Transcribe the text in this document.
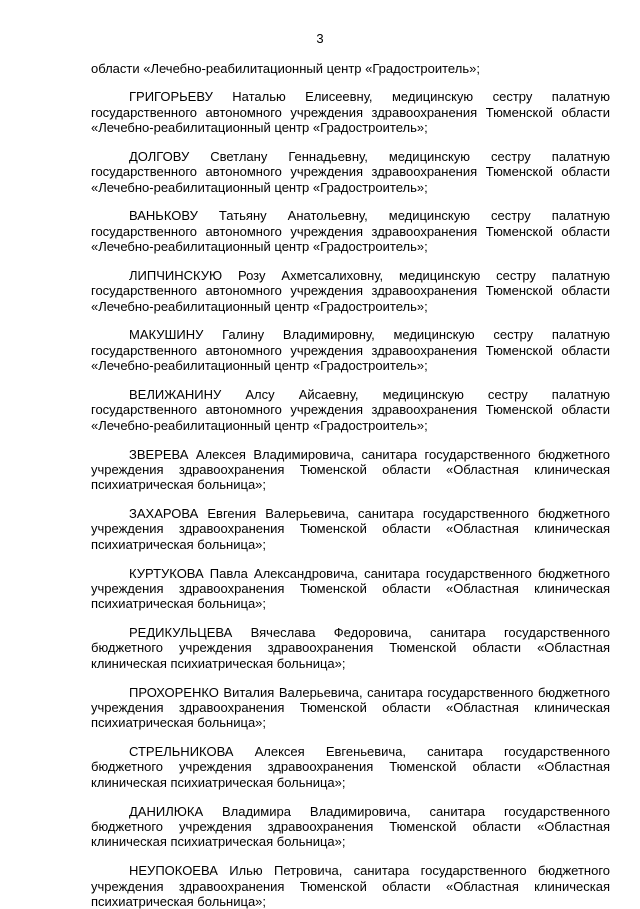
3

области «Лечебно-реабилитационный центр «Градостроитель»;

ГРИГОРЬЕВУ Наталью Елисеевну, медицинскую сестру палатную государственного автономного учреждения здравоохранения Тюменской области «Лечебно-реабилитационный центр «Градостроитель»;

ДОЛГОВУ Светлану Геннадьевну, медицинскую сестру палатную государственного автономного учреждения здравоохранения Тюменской области «Лечебно-реабилитационный центр «Градостроитель»;

ВАНЬКОВУ Татьяну Анатольевну, медицинскую сестру палатную государственного автономного учреждения здравоохранения Тюменской области «Лечебно-реабилитационный центр «Градостроитель»;

ЛИПЧИНСКУЮ Розу Ахметсалиховну, медицинскую сестру палатную государственного автономного учреждения здравоохранения Тюменской области «Лечебно-реабилитационный центр «Градостроитель»;

МАКУШИНУ Галину Владимировну, медицинскую сестру палатную государственного автономного учреждения здравоохранения Тюменской области «Лечебно-реабилитационный центр «Градостроитель»;

ВЕЛИЖАНИНУ Алсу Айсаевну, медицинскую сестру палатную государственного автономного учреждения здравоохранения Тюменской области «Лечебно-реабилитационный центр «Градостроитель»;

ЗВЕРЕВА Алексея Владимировича, санитара государственного бюджетного учреждения здравоохранения Тюменской области «Областная клиническая психиатрическая больница»;

ЗАХАРОВА Евгения Валерьевича, санитара государственного бюджетного учреждения здравоохранения Тюменской области «Областная клиническая психиатрическая больница»;

КУРТУКОВА Павла Александровича, санитара государственного бюджетного учреждения здравоохранения Тюменской области «Областная клиническая психиатрическая больница»;

РЕДИКУЛЬЦЕВА Вячеслава Федоровича, санитара государственного бюджетного учреждения здравоохранения Тюменской области «Областная клиническая психиатрическая больница»;

ПРОХОРЕНКО Виталия Валерьевича, санитара государственного бюджетного учреждения здравоохранения Тюменской области «Областная клиническая психиатрическая больница»;

СТРЕЛЬНИКОВА Алексея Евгеньевича, санитара государственного бюджетного учреждения здравоохранения Тюменской области «Областная клиническая психиатрическая больница»;

ДАНИЛЮКА Владимира Владимировича, санитара государственного бюджетного учреждения здравоохранения Тюменской области «Областная клиническая психиатрическая больница»;

НЕУПОКОЕВА Илью Петровича, санитара государственного бюджетного учреждения здравоохранения Тюменской области «Областная клиническая психиатрическая больница»;
